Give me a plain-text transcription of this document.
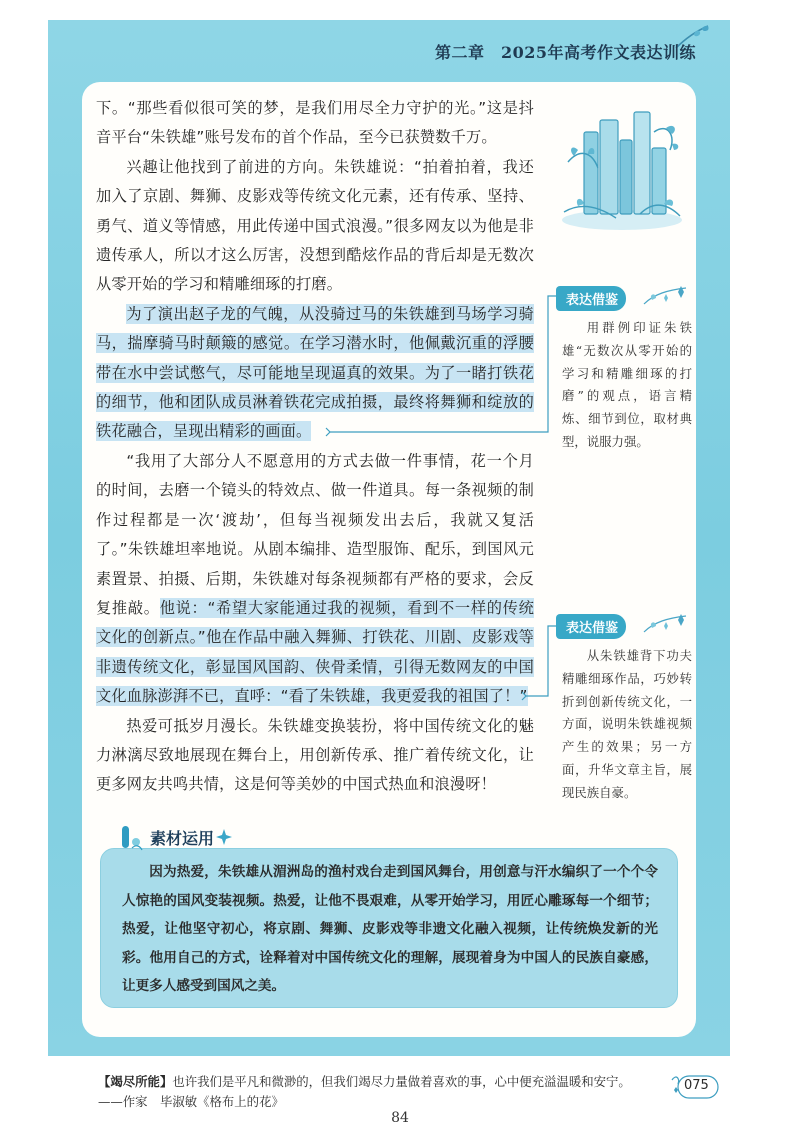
第二章　2025年高考作文表达训练

下。“那些看似很可笑的梦，是我们用尽全力守护的光。”这是抖音平台“朱铁雄”账号发布的首个作品，至今已获赞数千万。

兴趣让他找到了前进的方向。朱铁雄说：“拍着拍着，我还加入了京剧、舞狮、皮影戏等传统文化元素，还有传承、坚持、勇气、道义等情感，用此传递中国式浪漫。”很多网友以为他是非遗传承人，所以才这么厉害，没想到酷炫作品的背后却是无数次从零开始的学习和精雕细琢的打磨。

为了演出赵子龙的气魄，从没骑过马的朱铁雄到马场学习骑马，揣摩骑马时颠簸的感觉。在学习潜水时，他佩戴沉重的浮腰带在水中尝试憋气，尽可能地呈现逼真的效果。为了一睹打铁花的细节，他和团队成员淋着铁花完成拍摄，最终将舞狮和绽放的铁花融合，呈现出精彩的画面。

“我用了大部分人不愿意用的方式去做一件事情，花一个月的时间，去磨一个镜头的特效点、做一件道具。每一条视频的制作过程都是一次‘渡劫’，但每当视频发出去后，我就又复活了。”朱铁雄坦率地说。从剧本编排、造型服饰、配乐，到国风元素置景、拍摄、后期，朱铁雄对每条视频都有严格的要求，会反复推敲。他说：“希望大家能通过我的视频，看到不一样的传统文化的创新点。”他在作品中融入舞狮、打铁花、川剧、皮影戏等非遗传统文化，彰显国风国韵、侠骨柔情，引得无数网友的中国文化血脉澎湃不已，直呼：“看了朱铁雄，我更爱我的祖国了！”

热爱可抵岁月漫长。朱铁雄变换装扮，将中国传统文化的魅力淋漓尽致地展现在舞台上，用创新传承、推广着传统文化，让更多网友共鸣共情，这是何等美妙的中国式热血和浪漫呀！

表达借鉴

用群例印证朱铁雄“无数次从零开始的学习和精雕细琢的打磨”的观点，语言精炼、细节到位，取材典型，说服力强。

表达借鉴

从朱铁雄背下功夫精雕细琢作品，巧妙转折到创新传统文化，一方面，说明朱铁雄视频产生的效果；另一方面，升华文章主旨，展现民族自豪。

素材运用

因为热爱，朱铁雄从湄洲岛的渔村戏台走到国风舞台，用创意与汗水编织了一个个令人惊艳的国风变装视频。热爱，让他不畏艰难，从零开始学习，用匠心雕琢每一个细节；热爱，让他坚守初心，将京剧、舞狮、皮影戏等非遗文化融入视频，让传统焕发新的光彩。他用自己的方式，诠释着对中国传统文化的理解，展现着身为中国人的民族自豪感，让更多人感受到国风之美。

【竭尽所能】也许我们是平凡和微渺的，但我们竭尽力量做着喜欢的事，心中便充溢温暖和安宁。
——作家　毕淑敏《格布上的花》
075
84
